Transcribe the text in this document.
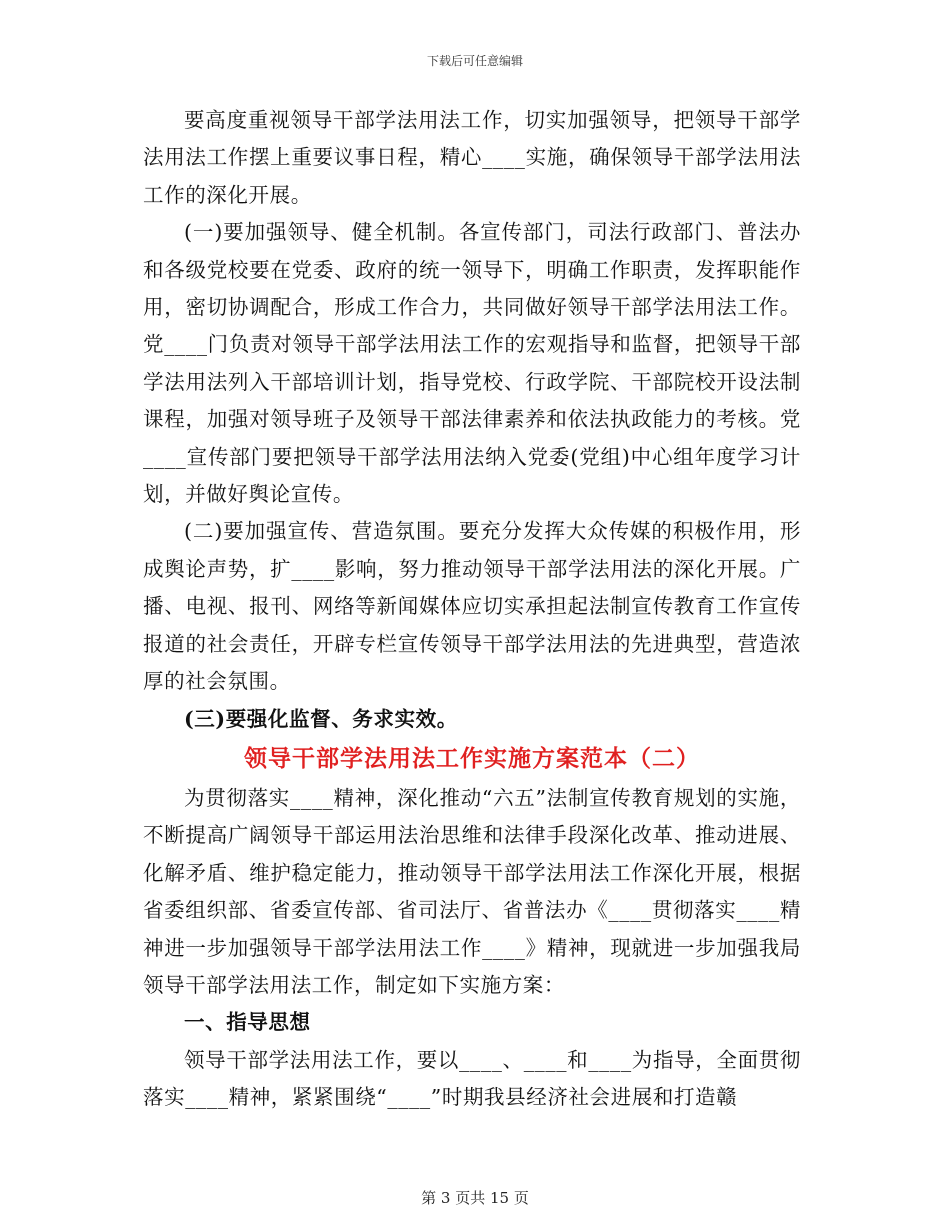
下载后可任意编辑

要高度重视领导干部学法用法工作，切实加强领导，把领导干部学法用法工作摆上重要议事日程，精心____实施，确保领导干部学法用法工作的深化开展。

(一)要加强领导、健全机制。各宣传部门，司法行政部门、普法办和各级党校要在党委、政府的统一领导下，明确工作职责，发挥职能作用，密切协调配合，形成工作合力，共同做好领导干部学法用法工作。党____门负责对领导干部学法用法工作的宏观指导和监督，把领导干部学法用法列入干部培训计划，指导党校、行政学院、干部院校开设法制课程，加强对领导班子及领导干部法律素养和依法执政能力的考核。党____宣传部门要把领导干部学法用法纳入党委(党组)中心组年度学习计划，并做好舆论宣传。

(二)要加强宣传、营造氛围。要充分发挥大众传媒的积极作用，形成舆论声势，扩____影响，努力推动领导干部学法用法的深化开展。广播、电视、报刊、网络等新闻媒体应切实承担起法制宣传教育工作宣传报道的社会责任，开辟专栏宣传领导干部学法用法的先进典型，营造浓厚的社会氛围。

(三)要强化监督、务求实效。

领导干部学法用法工作实施方案范本（二）

为贯彻落实____精神，深化推动“六五”法制宣传教育规划的实施，不断提高广阔领导干部运用法治思维和法律手段深化改革、推动进展、化解矛盾、维护稳定能力，推动领导干部学法用法工作深化开展，根据省委组织部、省委宣传部、省司法厅、省普法办《____贯彻落实____精神进一步加强领导干部学法用法工作____》精神，现就进一步加强我局领导干部学法用法工作，制定如下实施方案：

一、指导思想

领导干部学法用法工作，要以____、____和____为指导，全面贯彻落实____精神，紧紧围绕“____”时期我县经济社会进展和打造赣

第 3 页共 15 页
